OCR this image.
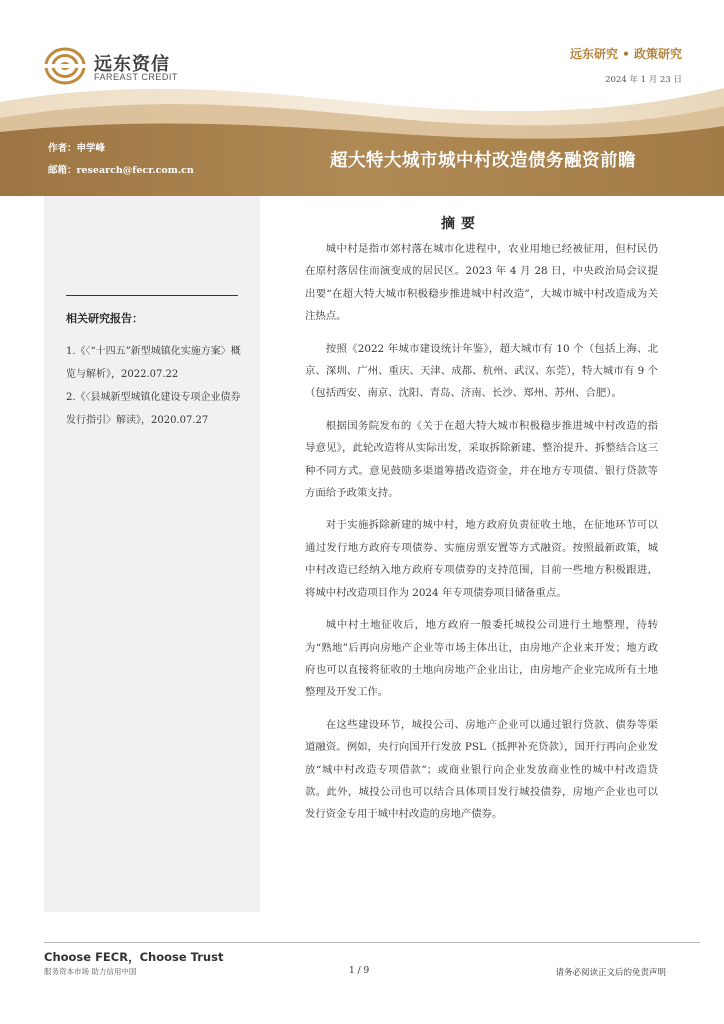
远东资信
FAREAST CREDIT
远东研究 • 政策研究
2024 年 1 月 23 日
作者：申学峰
邮箱：research@fecr.com.cn	超大特大城市城中村改造债务融资前瞻
相关研究报告：
1.《〈“十四五”新型城镇化实施方案〉概览与解析》，2022.07.22
2.《〈县城新型城镇化建设专项企业债券发行指引〉解读》，2020.07.27
摘要

城中村是指市郊村落在城市化进程中，农业用地已经被征用，但村民仍在原村落居住而演变成的居民区。2023 年 4 月 28 日，中央政治局会议提出要“在超大特大城市积极稳步推进城中村改造”，大城市城中村改造成为关注热点。

按照《2022 年城市建设统计年鉴》，超大城市有 10 个（包括上海、北京、深圳、广州、重庆、天津、成都、杭州、武汉、东莞），特大城市有 9 个（包括西安、南京、沈阳、青岛、济南、长沙、郑州、苏州、合肥）。

根据国务院发布的《关于在超大特大城市积极稳步推进城中村改造的指导意见》，此轮改造将从实际出发，采取拆除新建、整治提升、拆整结合这三种不同方式。意见鼓励多渠道筹措改造资金，并在地方专项债、银行贷款等方面给予政策支持。

对于实施拆除新建的城中村，地方政府负责征收土地，在征地环节可以通过发行地方政府专项债券、实施房票安置等方式融资。按照最新政策，城中村改造已经纳入地方政府专项债券的支持范围，目前一些地方积极跟进，将城中村改造项目作为 2024 年专项债券项目储备重点。

城中村土地征收后，地方政府一般委托城投公司进行土地整理，待转为“熟地”后再向房地产企业等市场主体出让，由房地产企业来开发；地方政府也可以直接将征收的土地向房地产企业出让，由房地产企业完成所有土地整理及开发工作。

在这些建设环节，城投公司、房地产企业可以通过银行贷款、债券等渠道融资。例如，央行向国开行发放 PSL（抵押补充贷款），国开行再向企业发放“城中村改造专项借款”；或商业银行向企业发放商业性的城中村改造贷款。此外，城投公司也可以结合具体项目发行城投债券，房地产企业也可以发行资金专用于城中村改造的房地产债券。

Choose FECR，Choose Trust
服务资本市场 助力信用中国	1 / 9	请务必阅读正文后的免责声明
